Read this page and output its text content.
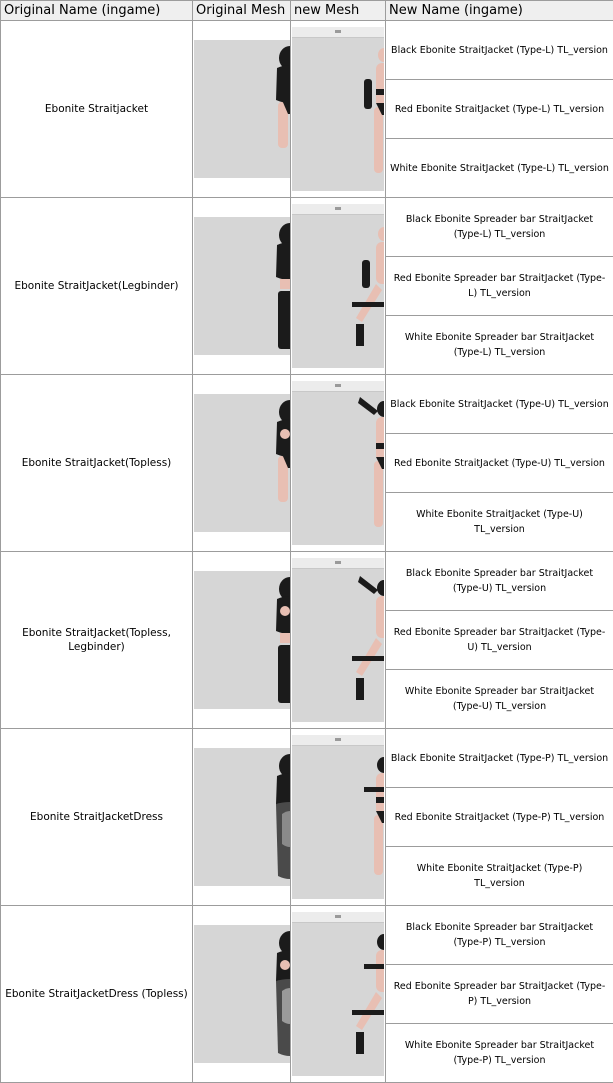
Original Name (ingame)	Original Mesh	new Mesh	New Name (ingame)
Ebonite Straitjacket			Black Ebonite StraitJacket (Type-L) TL_version
			Red Ebonite StraitJacket (Type-L) TL_version
			White Ebonite StraitJacket (Type-L) TL_version
Ebonite StraitJacket(Legbinder)			Black Ebonite Spreader bar StraitJacket (Type-L) TL_version
			Red Ebonite Spreader bar StraitJacket (Type-L) TL_version
			White Ebonite Spreader bar StraitJacket (Type-L) TL_version
Ebonite StraitJacket(Topless)			Black Ebonite StraitJacket (Type-U) TL_version
			Red Ebonite StraitJacket (Type-U) TL_version
			White Ebonite StraitJacket (Type-U) TL_version
Ebonite StraitJacket(Topless, Legbinder)			Black Ebonite Spreader bar StraitJacket (Type-U) TL_version
			Red Ebonite Spreader bar StraitJacket (Type-U) TL_version
			White Ebonite Spreader bar StraitJacket (Type-U) TL_version
Ebonite StraitJacketDress			Black Ebonite StraitJacket (Type-P) TL_version
			Red Ebonite StraitJacket (Type-P) TL_version
			White Ebonite StraitJacket (Type-P) TL_version
Ebonite StraitJacketDress (Topless)			Black Ebonite Spreader bar StraitJacket (Type-P) TL_version
			Red Ebonite Spreader bar StraitJacket (Type-P) TL_version
			White Ebonite Spreader bar StraitJacket (Type-P) TL_version
